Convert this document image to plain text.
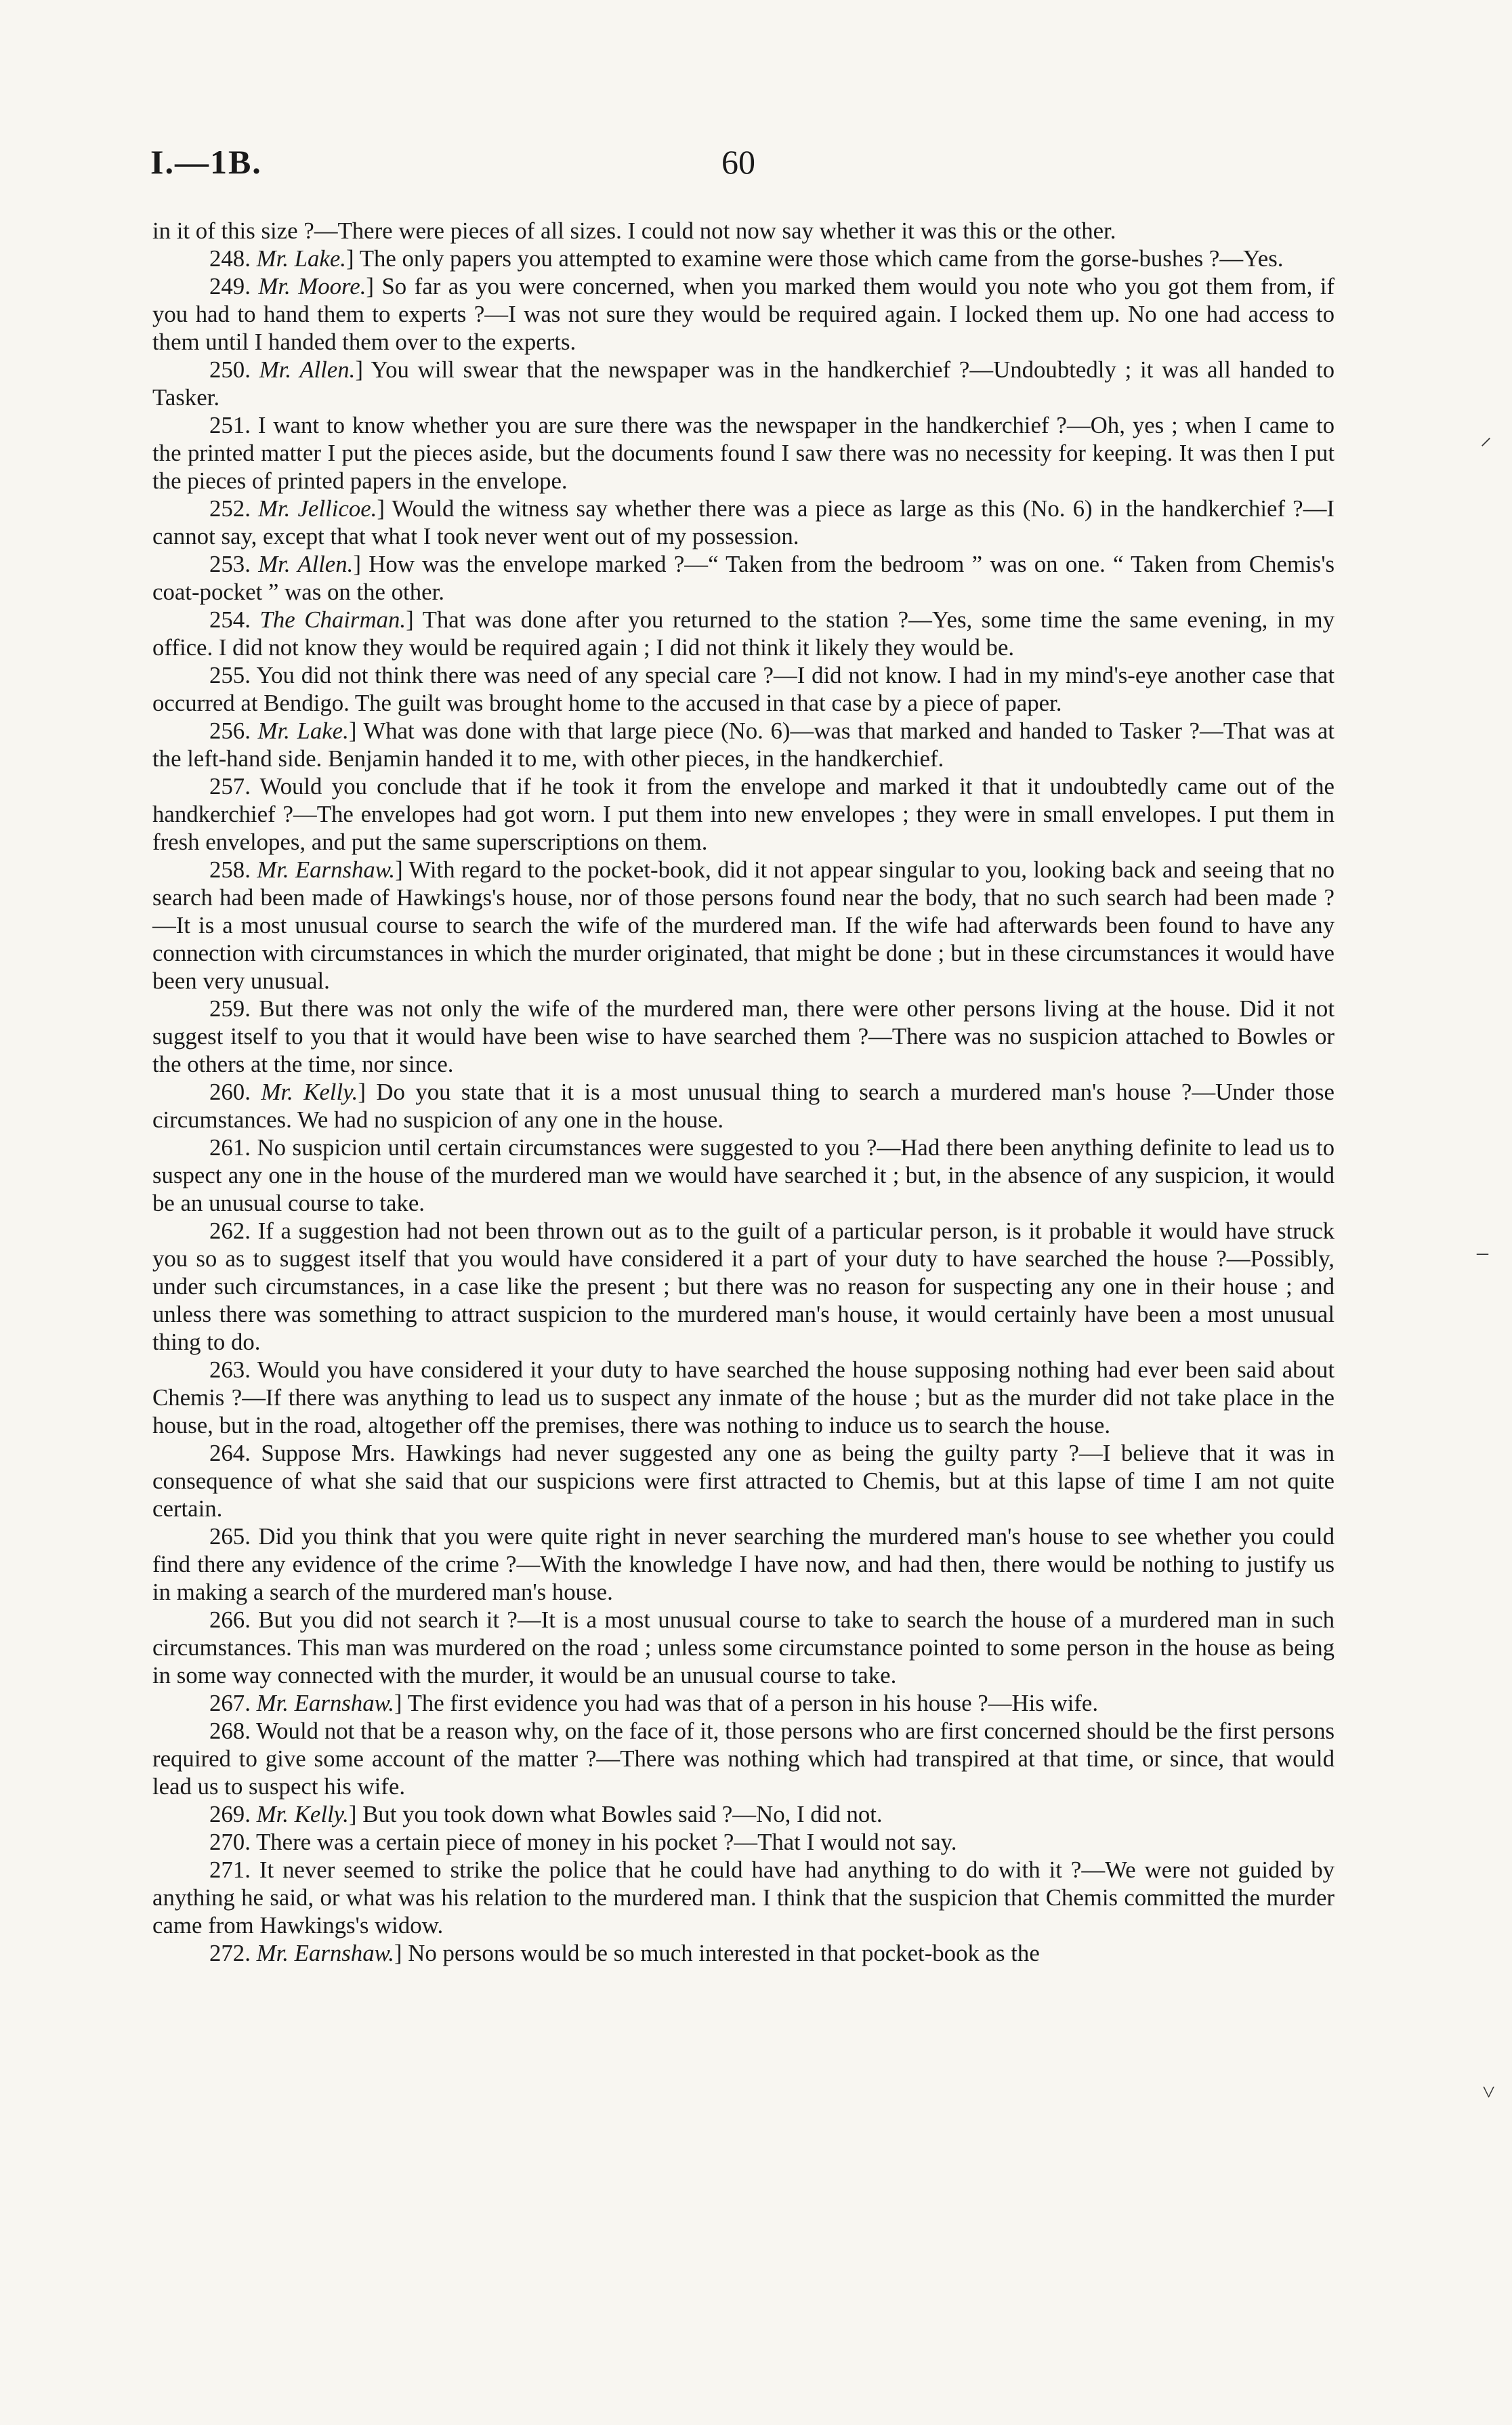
I.—1B.	60

in it of this size ?—There were pieces of all sizes. I could not now say whether it was this or the other.

248. Mr. Lake.] The only papers you attempted to examine were those which came from the gorse-bushes ?—Yes.

249. Mr. Moore.] So far as you were concerned, when you marked them would you note who you got them from, if you had to hand them to experts ?—I was not sure they would be required again. I locked them up. No one had access to them until I handed them over to the experts.

250. Mr. Allen.] You will swear that the newspaper was in the handkerchief ?—Undoubtedly ; it was all handed to Tasker.

251. I want to know whether you are sure there was the newspaper in the handkerchief ?—Oh, yes ; when I came to the printed matter I put the pieces aside, but the documents found I saw there was no necessity for keeping. It was then I put the pieces of printed papers in the envelope.

252. Mr. Jellicoe.] Would the witness say whether there was a piece as large as this (No. 6) in the handkerchief ?—I cannot say, except that what I took never went out of my possession.

253. Mr. Allen.] How was the envelope marked ?—“ Taken from the bedroom ” was on one. “ Taken from Chemis's coat-pocket ” was on the other.

254. The Chairman.] That was done after you returned to the station ?—Yes, some time the same evening, in my office. I did not know they would be required again ; I did not think it likely they would be.

255. You did not think there was need of any special care ?—I did not know. I had in my mind's-eye another case that occurred at Bendigo. The guilt was brought home to the accused in that case by a piece of paper.

256. Mr. Lake.] What was done with that large piece (No. 6)—was that marked and handed to Tasker ?—That was at the left-hand side. Benjamin handed it to me, with other pieces, in the handkerchief.

257. Would you conclude that if he took it from the envelope and marked it that it undoubtedly came out of the handkerchief ?—The envelopes had got worn. I put them into new envelopes ; they were in small envelopes. I put them in fresh envelopes, and put the same superscriptions on them.

258. Mr. Earnshaw.] With regard to the pocket-book, did it not appear singular to you, looking back and seeing that no search had been made of Hawkings's house, nor of those persons found near the body, that no such search had been made ?—It is a most unusual course to search the wife of the murdered man. If the wife had afterwards been found to have any connection with circumstances in which the murder originated, that might be done ; but in these circumstances it would have been very unusual.

259. But there was not only the wife of the murdered man, there were other persons living at the house. Did it not suggest itself to you that it would have been wise to have searched them ?—There was no suspicion attached to Bowles or the others at the time, nor since.

260. Mr. Kelly.] Do you state that it is a most unusual thing to search a murdered man's house ?—Under those circumstances. We had no suspicion of any one in the house.

261. No suspicion until certain circumstances were suggested to you ?—Had there been anything definite to lead us to suspect any one in the house of the murdered man we would have searched it ; but, in the absence of any suspicion, it would be an unusual course to take.

262. If a suggestion had not been thrown out as to the guilt of a particular person, is it probable it would have struck you so as to suggest itself that you would have considered it a part of your duty to have searched the house ?—Possibly, under such circumstances, in a case like the present ; but there was no reason for suspecting any one in their house ; and unless there was something to attract suspicion to the murdered man's house, it would certainly have been a most unusual thing to do.

263. Would you have considered it your duty to have searched the house supposing nothing had ever been said about Chemis ?—If there was anything to lead us to suspect any inmate of the house ; but as the murder did not take place in the house, but in the road, altogether off the premises, there was nothing to induce us to search the house.

264. Suppose Mrs. Hawkings had never suggested any one as being the guilty party ?—I believe that it was in consequence of what she said that our suspicions were first attracted to Chemis, but at this lapse of time I am not quite certain.

265. Did you think that you were quite right in never searching the murdered man's house to see whether you could find there any evidence of the crime ?—With the knowledge I have now, and had then, there would be nothing to justify us in making a search of the murdered man's house.

266. But you did not search it ?—It is a most unusual course to take to search the house of a murdered man in such circumstances. This man was murdered on the road ; unless some circumstance pointed to some person in the house as being in some way connected with the murder, it would be an unusual course to take.

267. Mr. Earnshaw.] The first evidence you had was that of a person in his house ?—His wife.

268. Would not that be a reason why, on the face of it, those persons who are first concerned should be the first persons required to give some account of the matter ?—There was nothing which had transpired at that time, or since, that would lead us to suspect his wife.

269. Mr. Kelly.] But you took down what Bowles said ?—No, I did not.

270. There was a certain piece of money in his pocket ?—That I would not say.

271. It never seemed to strike the police that he could have had anything to do with it ?—We were not guided by anything he said, or what was his relation to the murdered man. I think that the suspicion that Chemis committed the murder came from Hawkings's widow.

272. Mr. Earnshaw.] No persons would be so much interested in that pocket-book as the

⸝
–
˅
